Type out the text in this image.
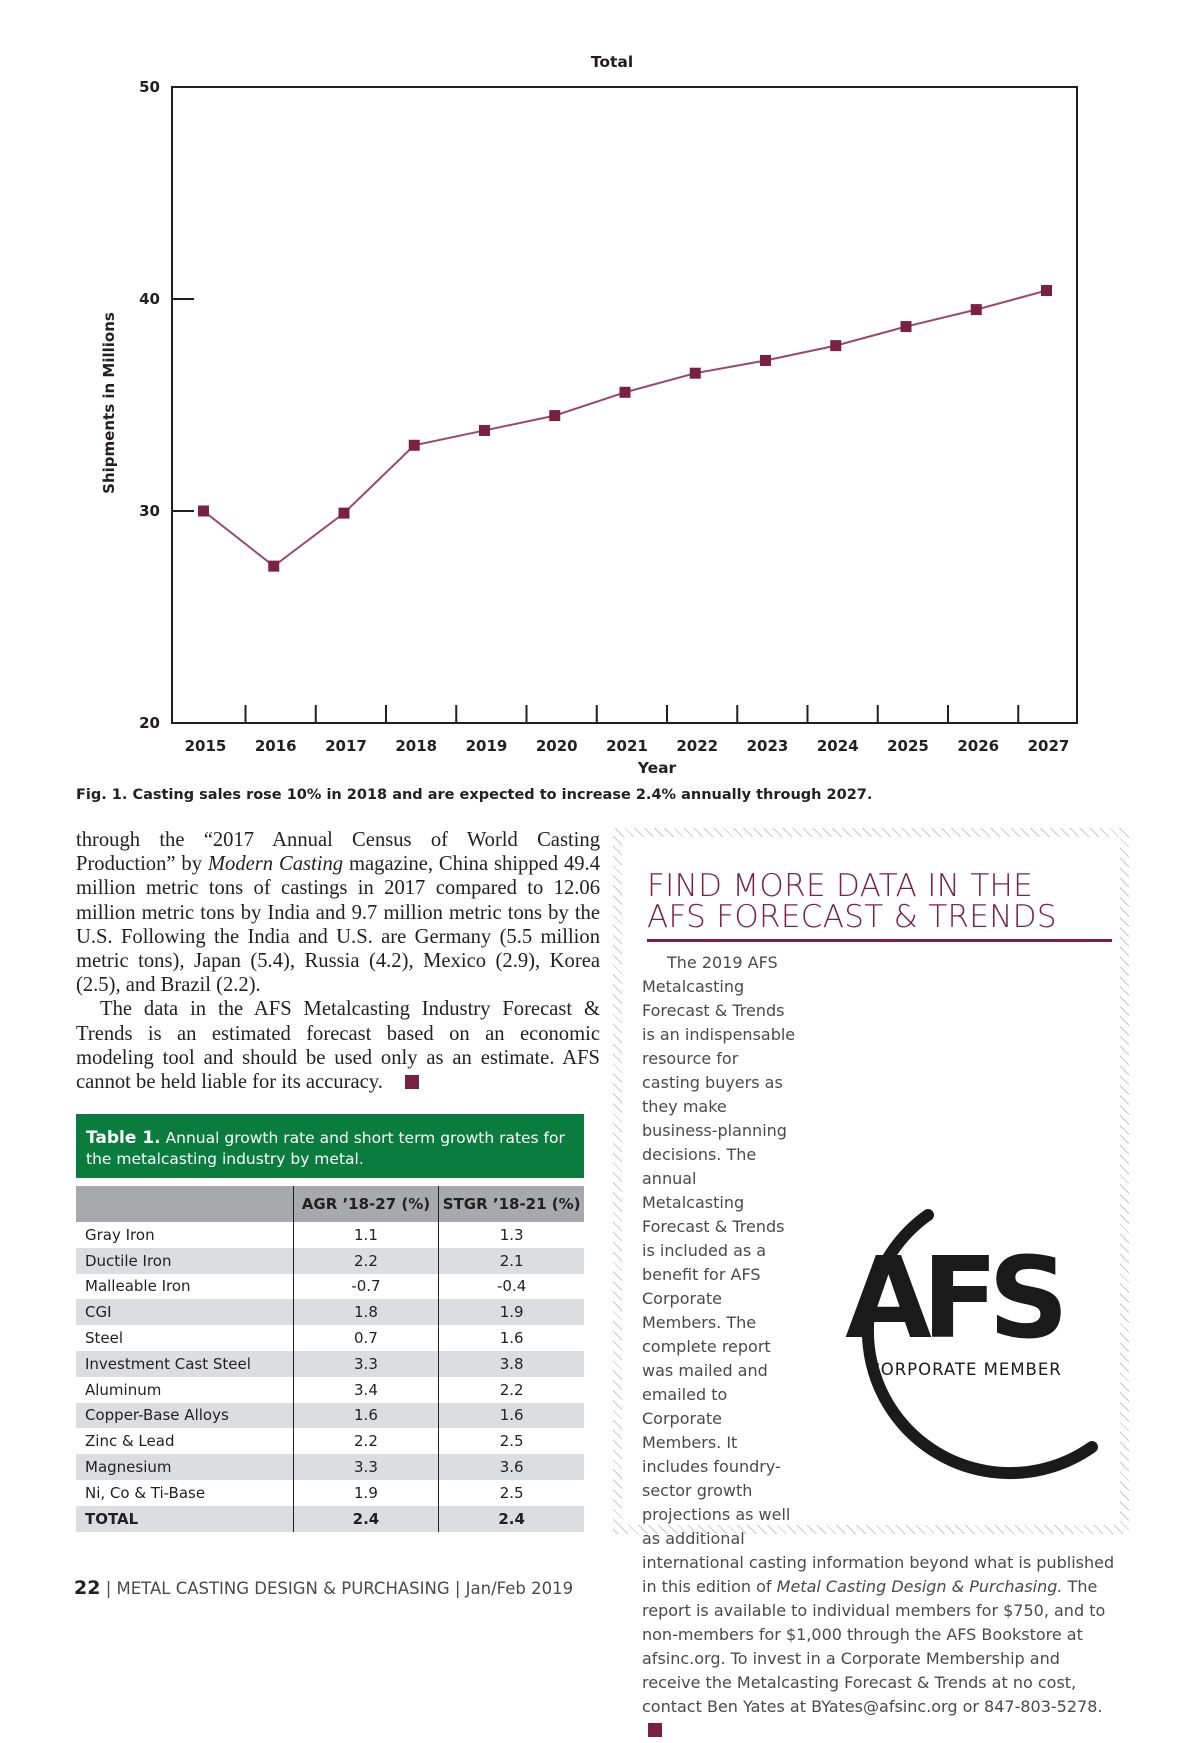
Total
Shipments in Millions
Year
20
30
40
50
2015 2016 2017 2018 2019 2020 2021 2022 2023 2024 2025 2026 2027
Fig. 1. Casting sales rose 10% in 2018 and are expected to increase 2.4% annually through 2027.

through the “2017 Annual Census of World Casting Production” by Modern Casting magazine, China shipped 49.4 million metric tons of castings in 2017 compared to 12.06 million metric tons by India and 9.7 million metric tons by the U.S. Following the India and U.S. are Germany (5.5 million metric tons), Japan (5.4), Russia (4.2), Mexico (2.9), Korea (2.5), and Brazil (2.2).

The data in the AFS Metalcasting Industry Forecast & Trends is an estimated forecast based on an economic modeling tool and should be used only as an estimate. AFS cannot be held liable for its accuracy.

Table 1. Annual growth rate and short term growth rates for the metalcasting industry by metal.
	AGR ’18-27 (%)	STGR ’18-21 (%)
Gray Iron	1.1	1.3
Ductile Iron	2.2	2.1
Malleable Iron	-0.7	-0.4
CGI	1.8	1.9
Steel	0.7	1.6
Investment Cast Steel	3.3	3.8
Aluminum	3.4	2.2
Copper-Base Alloys	1.6	1.6
Zinc & Lead	2.2	2.5
Magnesium	3.3	3.6
Ni, Co & Ti-Base	1.9	2.5
TOTAL	2.4	2.4
FIND MORE DATA IN THE
AFS FORECAST & TRENDS

The 2019 AFS Metalcasting Forecast & Trends is an indispensable resource for casting buyers as they make business-planning decisions. The annual Metalcasting Forecast & Trends is included as a benefit for AFS Corporate Members. The complete report was mailed and emailed to Corporate Members. It includes foundry-sector growth projections as well as additional international casting information beyond what is published in this edition of Metal Casting Design & Purchasing. The report is available to individual members for $750, and to non-members for $1,000 through the AFS Bookstore at afsinc.org. To invest in a Corporate Membership and receive the Metalcasting Forecast & Trends at no cost, contact Ben Yates at BYates@afsinc.org or 847-803-5278.

AFS
CORPORATE MEMBER
22 | METAL CASTING DESIGN & PURCHASING | Jan/Feb 2019
